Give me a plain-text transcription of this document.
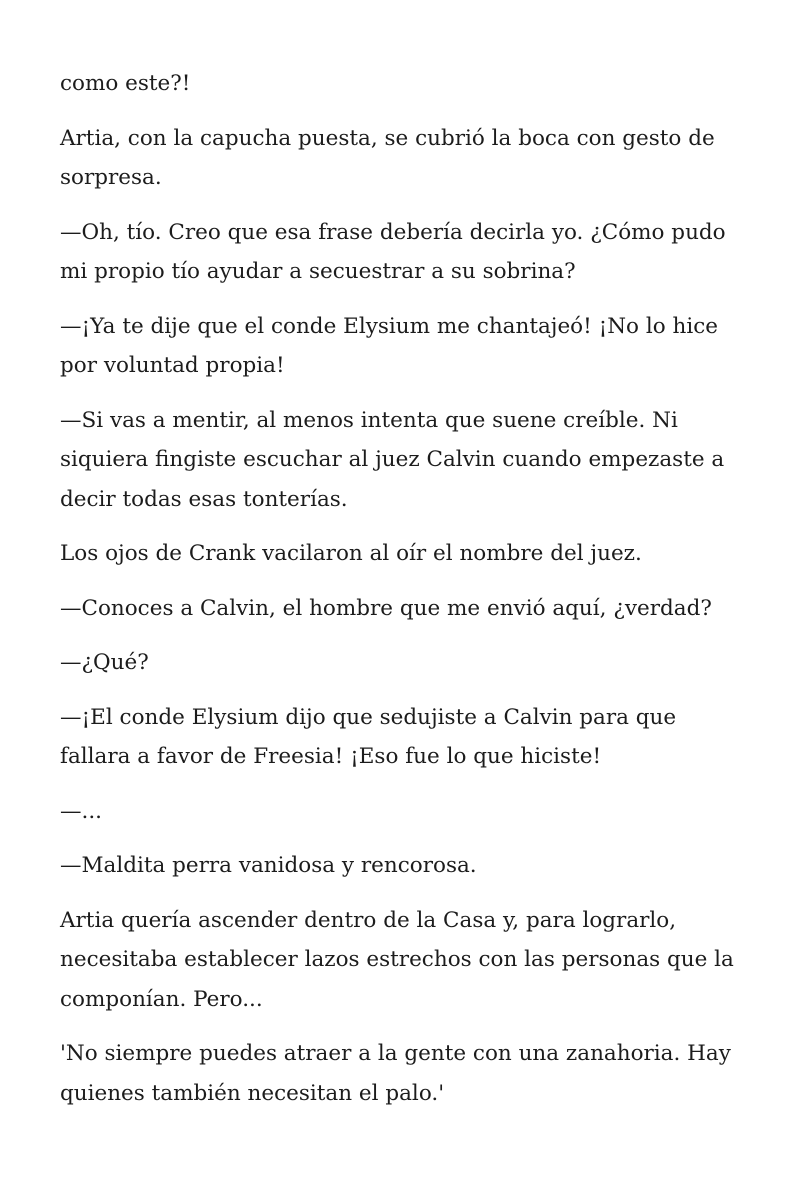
como este?!

Artia, con la capucha puesta, se cubrió la boca con gesto de sorpresa.

—Oh, tío. Creo que esa frase debería decirla yo. ¿Cómo pudo mi propio tío ayudar a secuestrar a su sobrina?

—¡Ya te dije que el conde Elysium me chantajeó! ¡No lo hice por voluntad propia!

—Si vas a mentir, al menos intenta que suene creíble. Ni siquiera fingiste escuchar al juez Calvin cuando empezaste a decir todas esas tonterías.

Los ojos de Crank vacilaron al oír el nombre del juez.

—Conoces a Calvin, el hombre que me envió aquí, ¿verdad?

—¿Qué?

—¡El conde Elysium dijo que sedujiste a Calvin para que fallara a favor de Freesia! ¡Eso fue lo que hiciste!

—...

—Maldita perra vanidosa y rencorosa.

Artia quería ascender dentro de la Casa y, para lograrlo, necesitaba establecer lazos estrechos con las personas que la componían. Pero...

'No siempre puedes atraer a la gente con una zanahoria. Hay quienes también necesitan el palo.'
